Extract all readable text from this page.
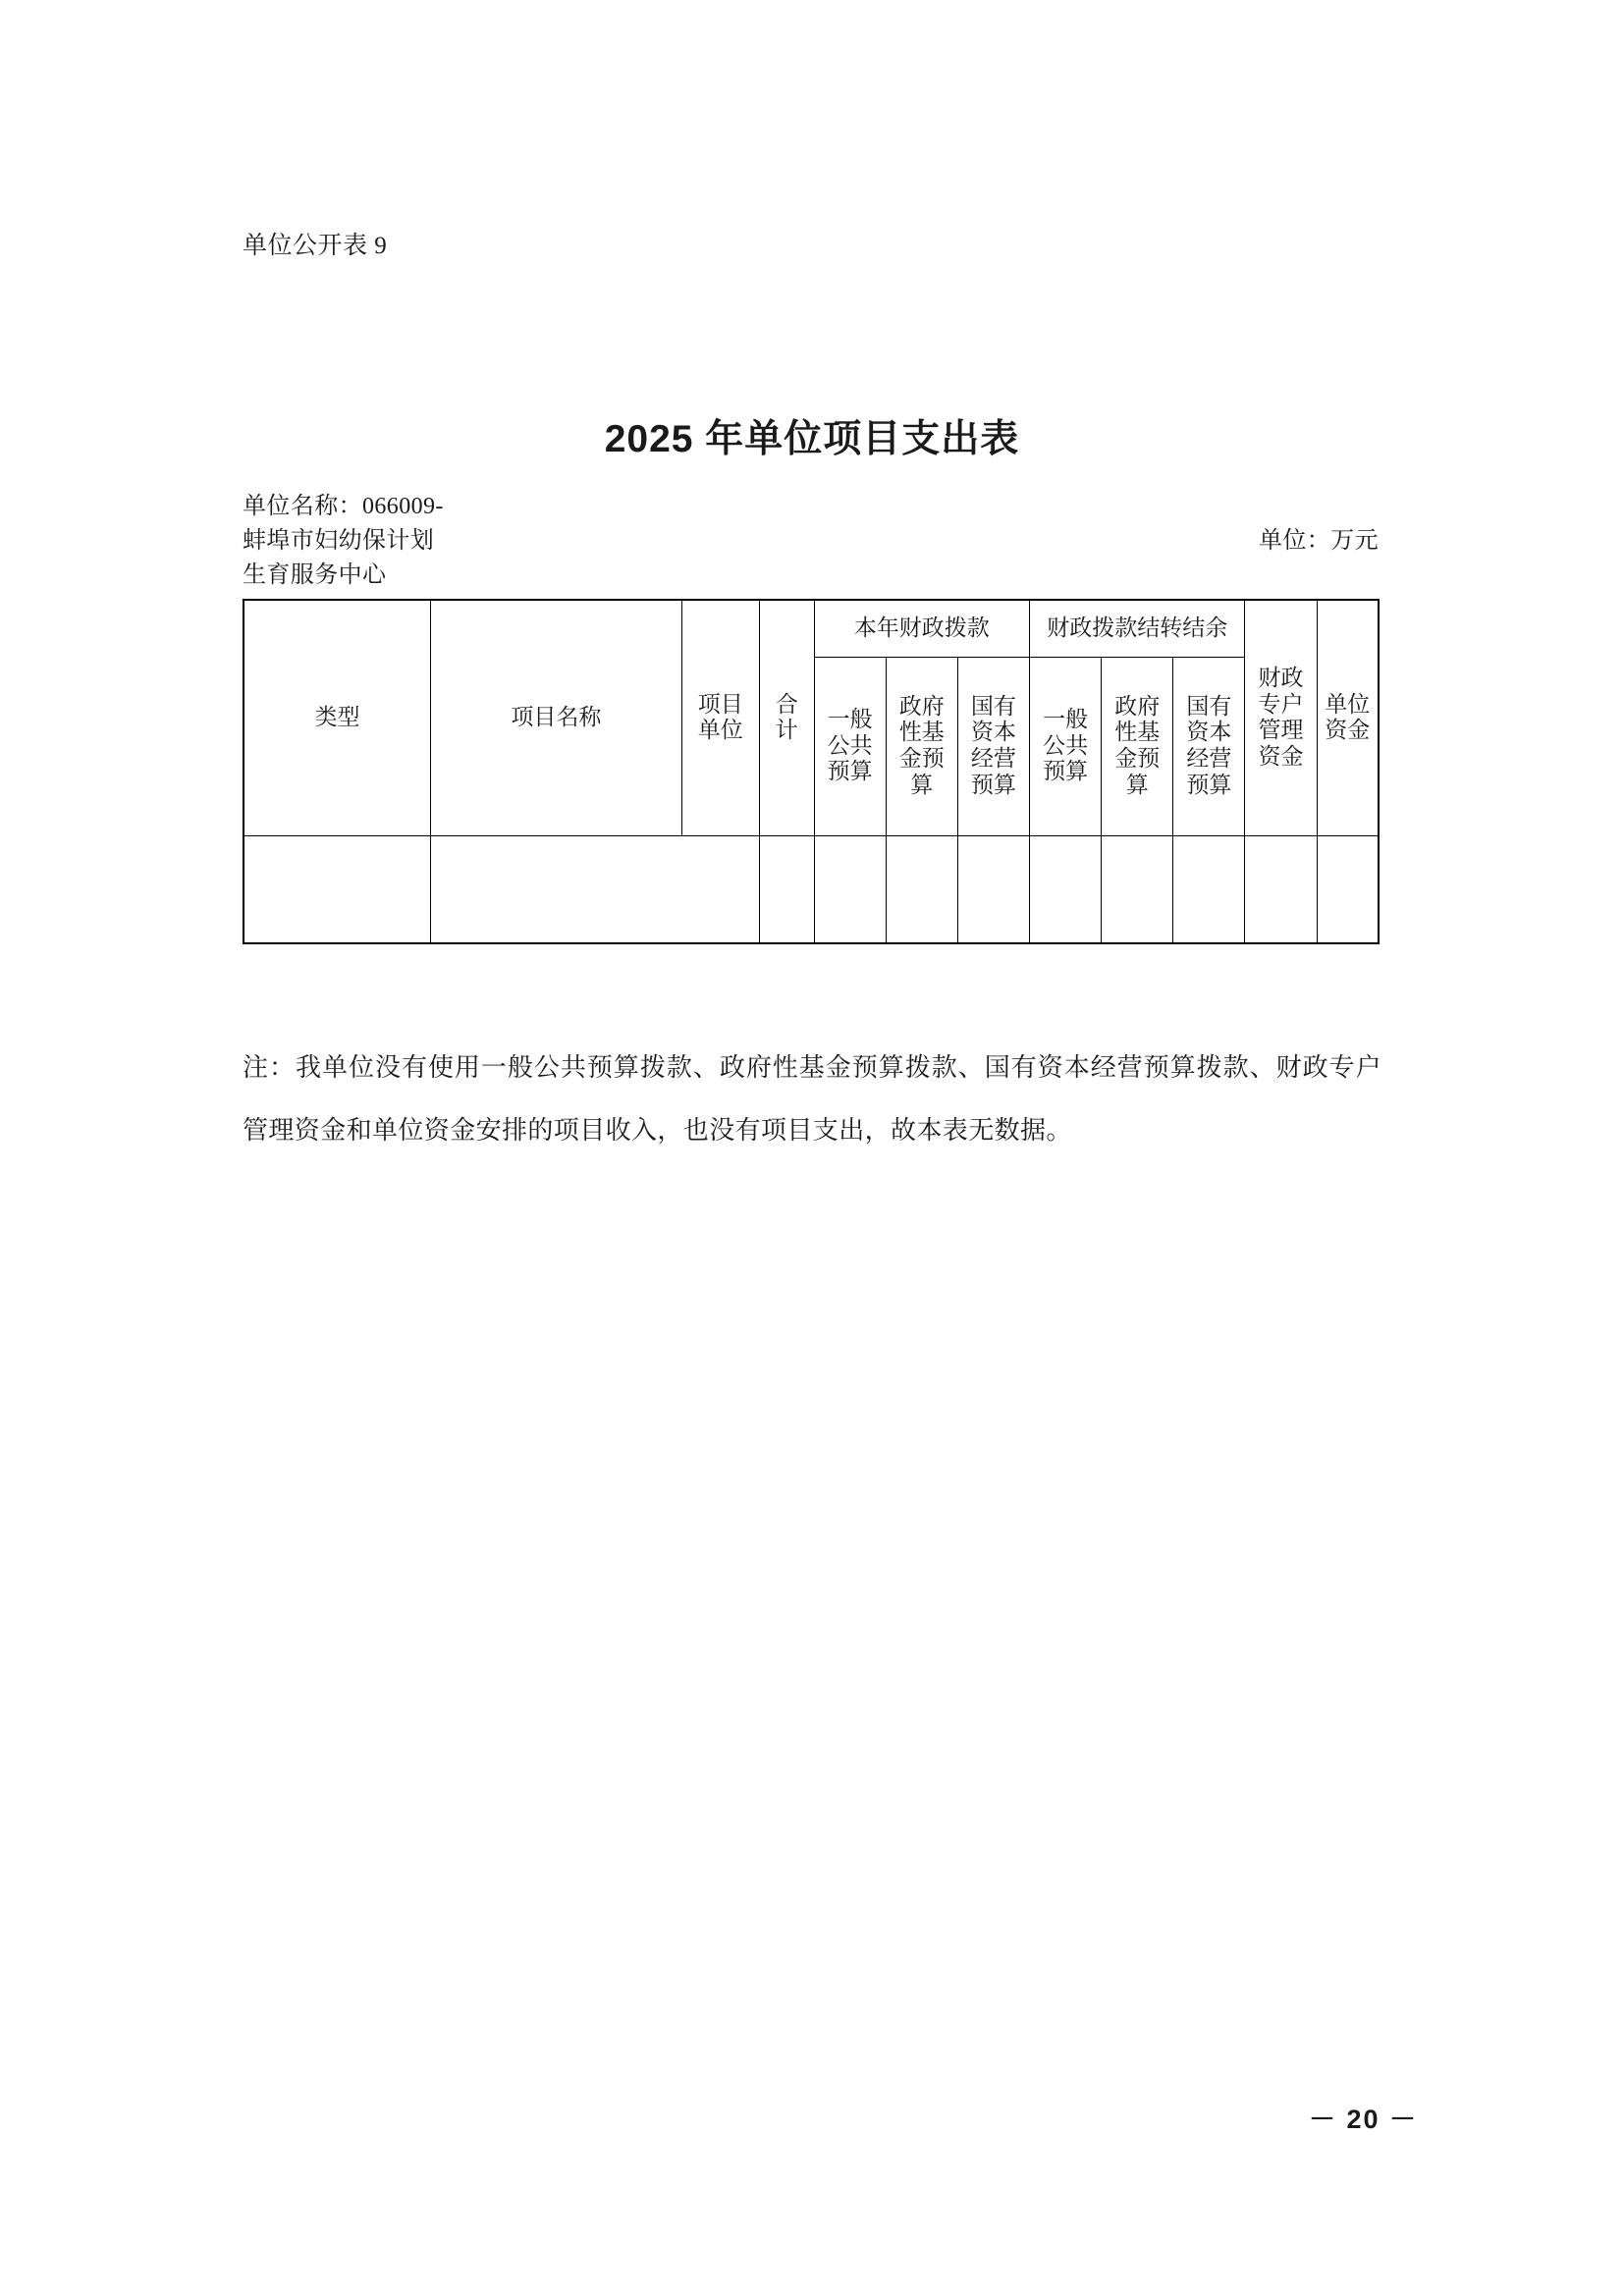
单位公开表 9
2025 年单位项目支出表
单位名称：066009-
蚌埠市妇幼保计划
生育服务中心
单位：万元
类型	项目名称	项目单位	合计	本年财政拨款			财政拨款结转结余			财政专户管理资金	单位资金

				一般公共预算	政府性基金预算	国有资本经营预算	一般公共预算	政府性基金预算	国有资本经营预算		

注：我单位没有使用一般公共预算拨款、政府性基金预算拨款、国有资本经营预算拨款、财政专户管理资金和单位资金安排的项目收入，也没有项目支出，故本表无数据。
－ 20 －
